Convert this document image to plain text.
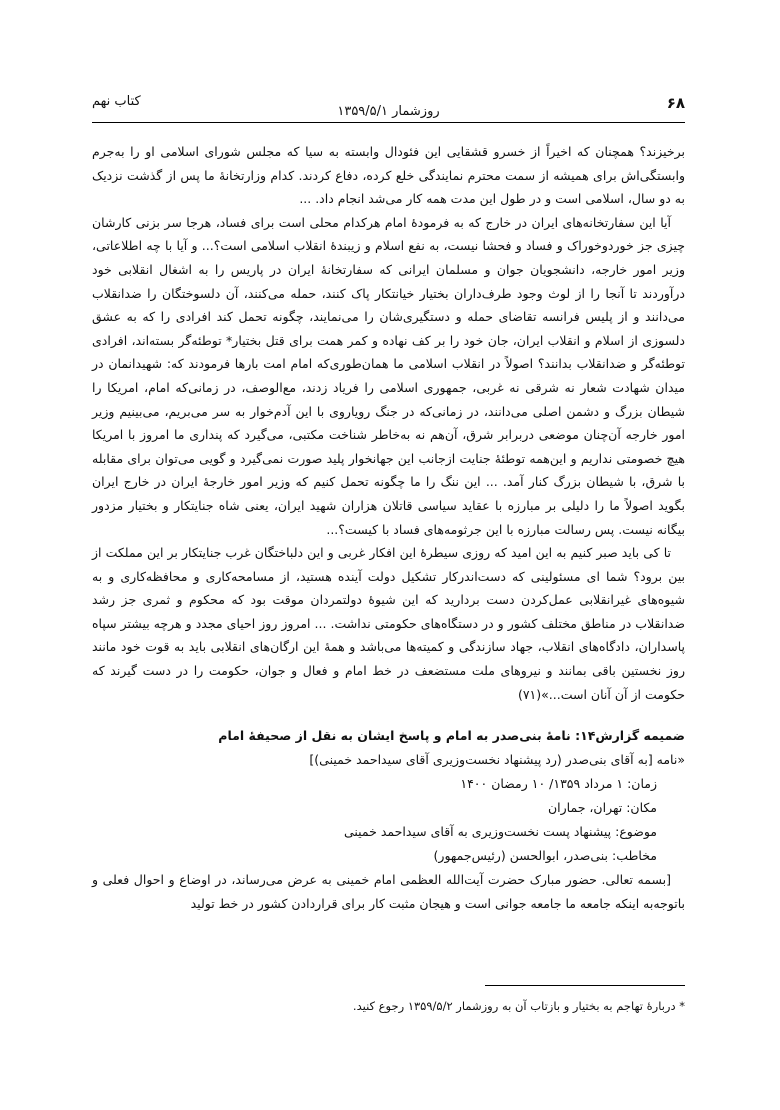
۶۸
روزشمار ۱۳۵۹/۵/۱
کتاب نهم

برخیزند؟ همچنان که اخیراً از خسرو قشقایی این فئودال وابسته به سیا که مجلس شورای اسلامی او را به‌جرم وابستگی‌اش برای همیشه از سمت محترم نمایندگی خلع کرده، دفاع کردند. کدام وزارتخانهٔ ما پس از گذشت نزدیک به دو سال، اسلامی است و در طول این مدت همه کار می‌شد انجام داد. ...

آیا این سفارتخانه‌های ایران در خارج که به فرمودهٔ امام هرکدام محلی است برای فساد، هرجا سر بزنی کارشان چیزی جز خوردوخوراک و فساد و فحشا نیست، به نفع اسلام و زیبندهٔ انقلاب اسلامی است؟... و آیا با چه اطلاعاتی، وزیر امور خارجه، دانشجویان جوان و مسلمان ایرانی که سفارتخانهٔ ایران در پاریس را به اشغال انقلابی خود درآوردند تا آنجا را از لوث وجود طرف‌داران بختیار خیانتکار پاک کنند، حمله می‌کنند، آن دلسوختگان را ضدانقلاب می‌دانند و از پلیس فرانسه تقاضای حمله و دستگیری‌شان را می‌نمایند، چگونه تحمل کند افرادی را که به عشق دلسوزی از اسلام و انقلاب ایران، جان خود را بر کف نهاده و کمر همت برای قتل بختیار* توطئه‌گر بسته‌اند، افرادی توطئه‌گر و ضدانقلاب بدانند؟ اصولاً در انقلاب اسلامی ما همان‌طوری‌که امام امت بارها فرمودند که: شهیدانمان در میدان شهادت شعار نه شرقی نه غربی، جمهوری اسلامی را فریاد زدند، مع‌الوصف، در زمانی‌که امام، امریکا را شیطان بزرگ و دشمن اصلی می‌دانند، در زمانی‌که در جنگ رویاروی با این آدم‌خوار به سر می‌بریم، می‌بینیم وزیر امور خارجه آن‌چنان موضعی دربرابر شرق، آن‌هم نه به‌خاطر شناخت مکتبی، می‌گیرد که پنداری ما امروز با امریکا هیچ خصومتی نداریم و این‌همه توطئهٔ جنایت ازجانب این جهانخوار پلید صورت نمی‌گیرد و گویی می‌توان برای مقابله با شرق، با شیطان بزرگ کنار آمد. ... این ننگ را ما چگونه تحمل کنیم که وزیر امور خارجهٔ ایران در خارج ایران بگوید اصولاً ما را دلیلی بر مبارزه با عقاید سیاسی قاتلان هزاران شهید ایران، یعنی شاه جنایتکار و بختیار مزدور بیگانه نیست. پس رسالت مبارزه با این جرثومه‌های فساد با کیست؟...

تا کی باید صبر کنیم به این امید که روزی سیطرهٔ این افکار غربی و این دلباختگان غرب جنایتکار بر این مملکت از بین برود؟ شما ای مسئولینی که دست‌اندرکار تشکیل دولت آینده هستید، از مسامحه‌کاری و محافظه‌کاری و به شیوه‌های غیرانقلابی عمل‌کردن دست بردارید که این شیوهٔ دولتمردان موقت بود که محکوم و ثمری جز رشد ضدانقلاب در مناطق مختلف کشور و در دستگاه‌های حکومتی نداشت. ... امروز روز احیای مجدد و هرچه بیشتر سپاه پاسداران، دادگاه‌های انقلاب، جهاد سازندگی و کمیته‌ها می‌باشد و همهٔ این ارگان‌های انقلابی باید به قوت خود مانند روز نخستین باقی بمانند و نیروهای ملت مستضعف در خط امام و فعال و جوان، حکومت را در دست گیرند که حکومت از آن آنان است...»(۷۱)

ضمیمه گزارش۱۴: نامهٔ بنی‌صدر به امام و پاسخ ایشان به نقل از صحیفهٔ امام

«نامه [به آقای بنی‌صدر (رد پیشنهاد نخست‌وزیری آقای سیداحمد خمینی)]

زمان: ۱ مرداد ۱۳۵۹/ ۱۰ رمضان ۱۴۰۰

مکان: تهران، جماران

موضوع: پیشنهاد پست نخست‌وزیری به آقای سیداحمد خمینی

مخاطب: بنی‌صدر، ابوالحسن (رئیس‌جمهور)

[بسمه تعالی. حضور مبارک حضرت آیت‌الله العظمی امام خمینی به عرض می‌رساند، در اوضاع و احوال فعلی و باتوجه‌به اینکه جامعه ما جامعه جوانی است و هیجان مثبت کار برای قراردادن کشور در خط تولید

* دربارهٔ تهاجم به بختیار و بازتاب آن به روزشمار ۱۳۵۹/۵/۲ رجوع کنید.
